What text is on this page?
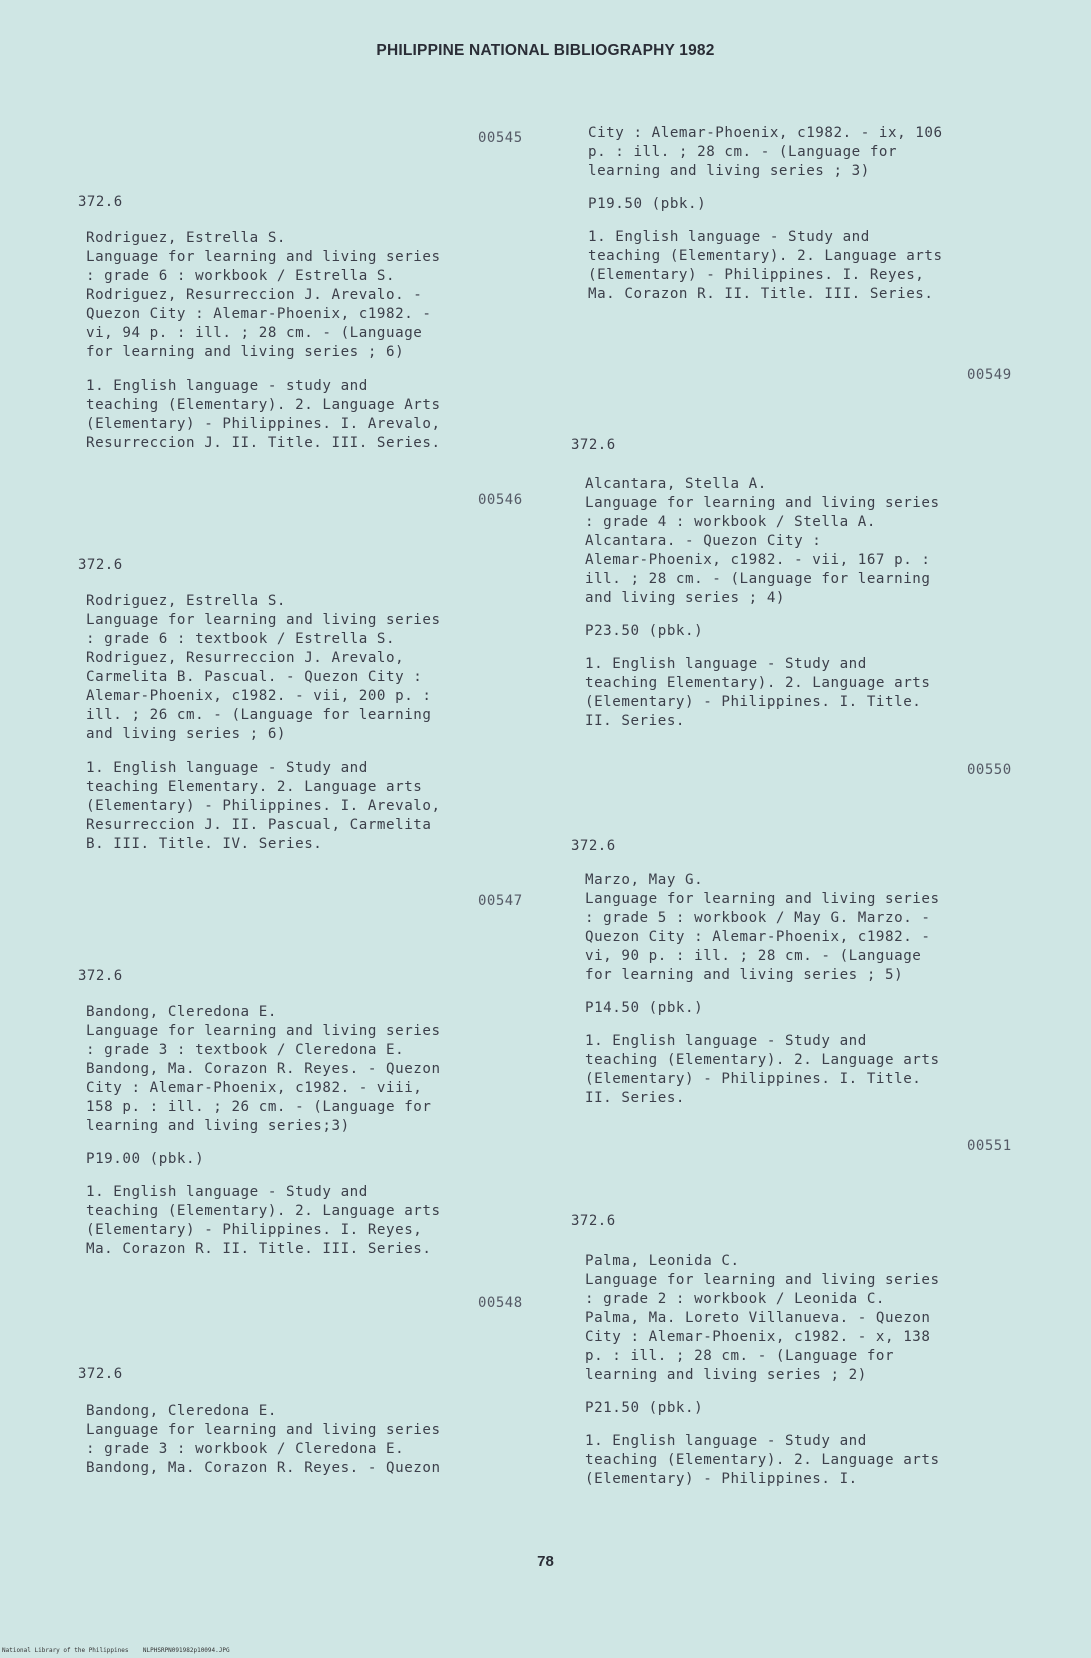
PHILIPPINE NATIONAL BIBLIOGRAPHY 1982
00545
372.6
Rodriguez, Estrella S.
Language for learning and living series
: grade 6 : workbook / Estrella S.
Rodriguez, Resurreccion J. Arevalo. -
Quezon City : Alemar-Phoenix, c1982. -
vi, 94 p. : ill. ; 28 cm. - (Language
for learning and living series ; 6)
1. English language - study and
teaching (Elementary). 2. Language Arts
(Elementary) - Philippines. I. Arevalo,
Resurreccion J. II. Title. III. Series.
00546
372.6
Rodriguez, Estrella S.
Language for learning and living series
: grade 6 : textbook / Estrella S.
Rodriguez, Resurreccion J. Arevalo,
Carmelita B. Pascual. - Quezon City :
Alemar-Phoenix, c1982. - vii, 200 p. :
ill. ; 26 cm. - (Language for learning
and living series ; 6)
1. English language - Study and
teaching Elementary. 2. Language arts
(Elementary) - Philippines. I. Arevalo,
Resurreccion J. II. Pascual, Carmelita
B. III. Title. IV. Series.
00547
372.6
Bandong, Cleredona E.
Language for learning and living series
: grade 3 : textbook / Cleredona E.
Bandong, Ma. Corazon R. Reyes. - Quezon
City : Alemar-Phoenix, c1982. - viii,
158 p. : ill. ; 26 cm. - (Language for
learning and living series;3)
P19.00 (pbk.)
1. English language - Study and
teaching (Elementary). 2. Language arts
(Elementary) - Philippines. I. Reyes,
Ma. Corazon R. II. Title. III. Series.
00548
372.6
Bandong, Cleredona E.
Language for learning and living series
: grade 3 : workbook / Cleredona E.
Bandong, Ma. Corazon R. Reyes. - Quezon
City : Alemar-Phoenix, c1982. - ix, 106
p. : ill. ; 28 cm. - (Language for
learning and living series ; 3)
P19.50 (pbk.)
1. English language - Study and
teaching (Elementary). 2. Language arts
(Elementary) - Philippines. I. Reyes,
Ma. Corazon R. II. Title. III. Series.
00549
372.6
Alcantara, Stella A.
Language for learning and living series
: grade 4 : workbook / Stella A.
Alcantara. - Quezon City :
Alemar-Phoenix, c1982. - vii, 167 p. :
ill. ; 28 cm. - (Language for learning
and living series ; 4)
P23.50 (pbk.)
1. English language - Study and
teaching Elementary). 2. Language arts
(Elementary) - Philippines. I. Title.
II. Series.
00550
372.6
Marzo, May G.
Language for learning and living series
: grade 5 : workbook / May G. Marzo. -
Quezon City : Alemar-Phoenix, c1982. -
vi, 90 p. : ill. ; 28 cm. - (Language
for learning and living series ; 5)
P14.50 (pbk.)
1. English language - Study and
teaching (Elementary). 2. Language arts
(Elementary) - Philippines. I. Title.
II. Series.
00551
372.6
Palma, Leonida C.
Language for learning and living series
: grade 2 : workbook / Leonida C.
Palma, Ma. Loreto Villanueva. - Quezon
City : Alemar-Phoenix, c1982. - x, 138
p. : ill. ; 28 cm. - (Language for
learning and living series ; 2)
P21.50 (pbk.)
1. English language - Study and
teaching (Elementary). 2. Language arts
(Elementary) - Philippines. I.
78
National Library of the Philippines NLPHSRPN091982p10094.JPG
